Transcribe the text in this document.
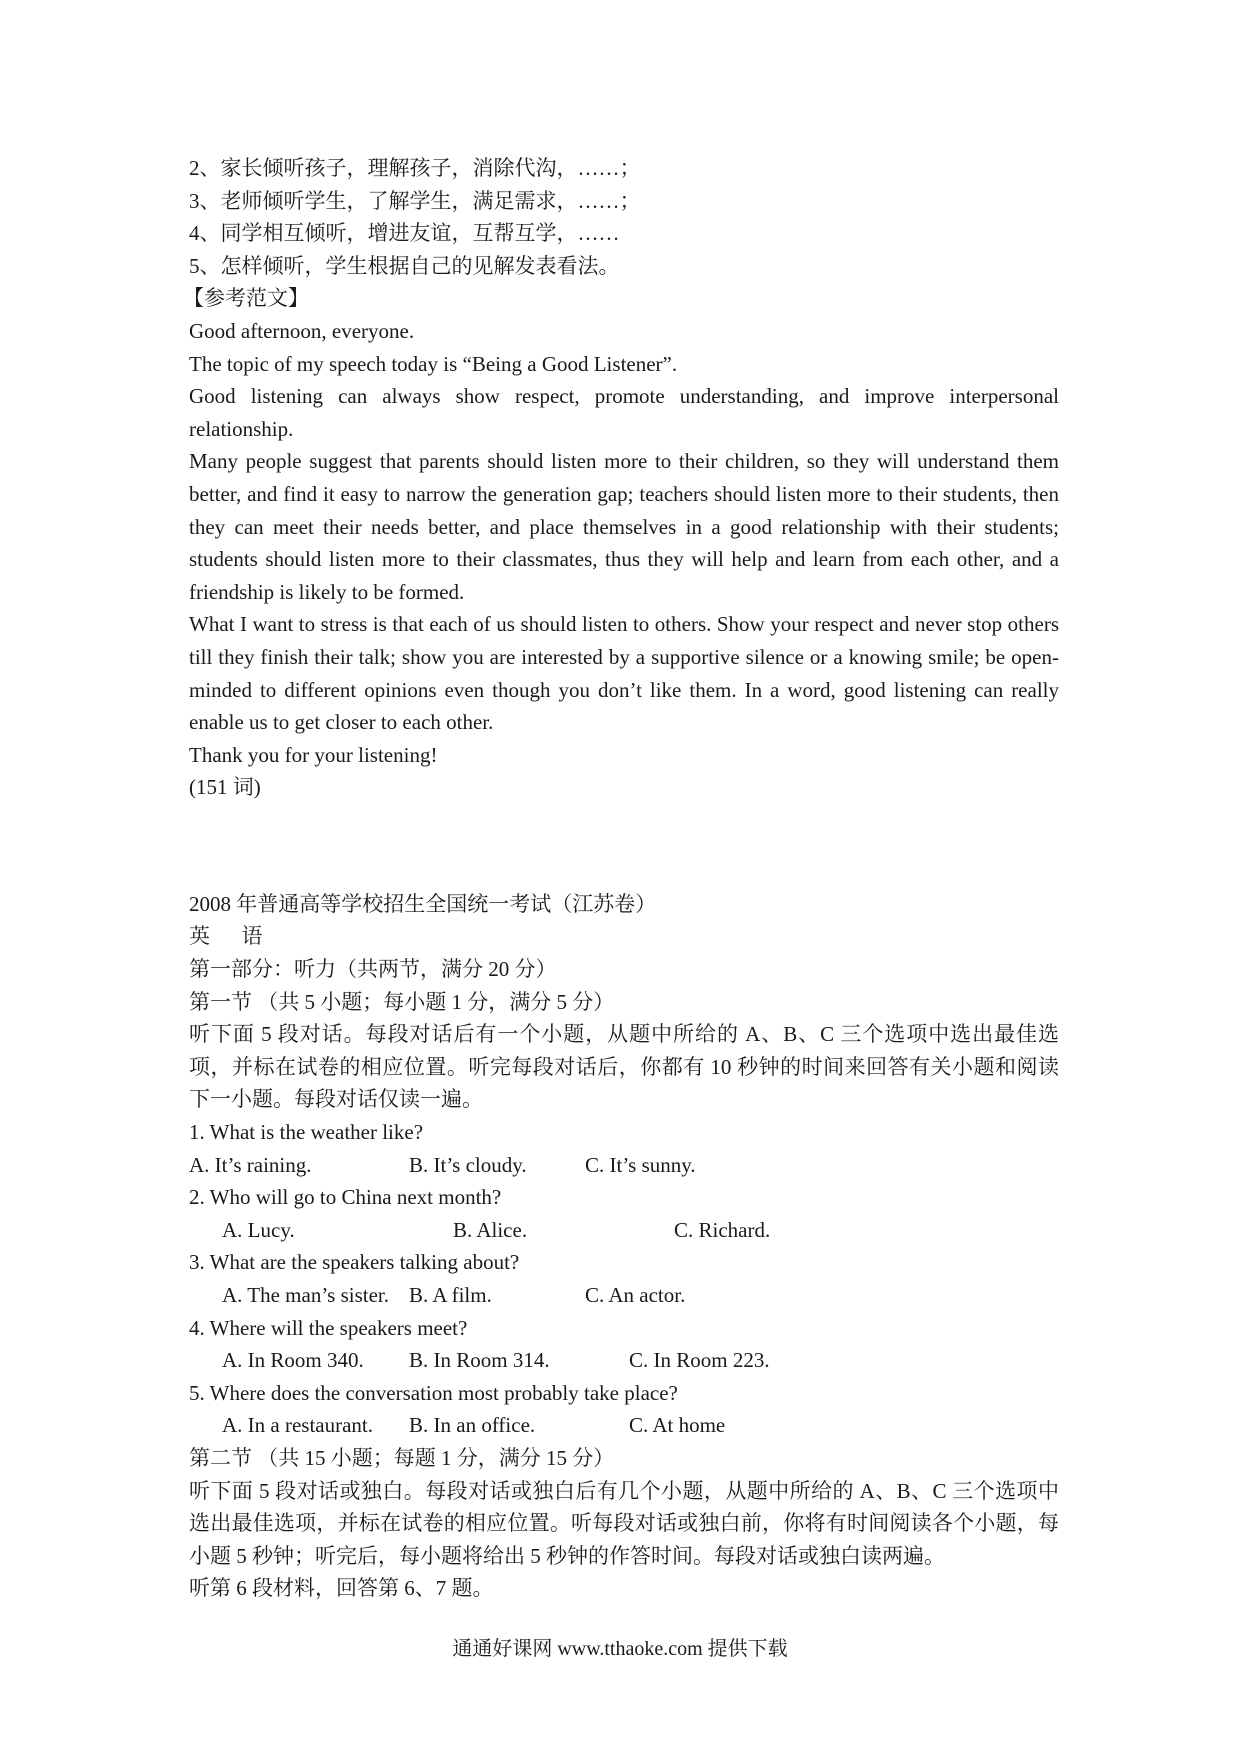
2、家长倾听孩子，理解孩子，消除代沟，……；

3、老师倾听学生，了解学生，满足需求，……；

4、同学相互倾听，增进友谊，互帮互学，……

5、怎样倾听，学生根据自己的见解发表看法。

【参考范文】

Good afternoon, everyone.

The topic of my speech today is “Being a Good Listener”.

Good listening can always show respect, promote understanding, and improve interpersonal relationship.

Many people suggest that parents should listen more to their children, so they will understand them better, and find it easy to narrow the generation gap; teachers should listen more to their students, then they can meet their needs better, and place themselves in a good relationship with their students; students should listen more to their classmates, thus they will help and learn from each other, and a friendship is likely to be formed.

What I want to stress is that each of us should listen to others. Show your respect and never stop others till they finish their talk; show you are interested by a supportive silence or a knowing smile; be open-minded to different opinions even though you don’t like them. In a word, good listening can really enable us to get closer to each other.

Thank you for your listening!

(151 词)

2008 年普通高等学校招生全国统一考试（江苏卷）

英      语

第一部分：听力（共两节，满分 20 分）

第一节 （共 5 小题；每小题 1 分，满分 5 分）

听下面 5 段对话。每段对话后有一个小题，从题中所给的 A、B、C 三个选项中选出最佳选项，并标在试卷的相应位置。听完每段对话后，你都有 10 秒钟的时间来回答有关小题和阅读下一小题。每段对话仅读一遍。

1. What is the weather like?

A. It’s raining.	B. It’s cloudy.	C. It’s sunny.

2. Who will go to China next month?

A. Lucy.	B. Alice.	C. Richard.

3. What are the speakers talking about?

A. The man’s sister. B. A film.	C. An actor.

4. Where will the speakers meet?

A. In Room 340.	B. In Room 314.	C. In Room 223.

5. Where does the conversation most probably take place?

A. In a restaurant.	B. In an office.	C. At home

第二节 （共 15 小题；每题 1 分，满分 15 分）

听下面 5 段对话或独白。每段对话或独白后有几个小题，从题中所给的 A、B、C 三个选项中选出最佳选项，并标在试卷的相应位置。听每段对话或独白前，你将有时间阅读各个小题，每小题 5 秒钟；听完后，每小题将给出 5 秒钟的作答时间。每段对话或独白读两遍。

听第 6 段材料，回答第 6、7 题。

通通好课网 www.tthaoke.com 提供下载
